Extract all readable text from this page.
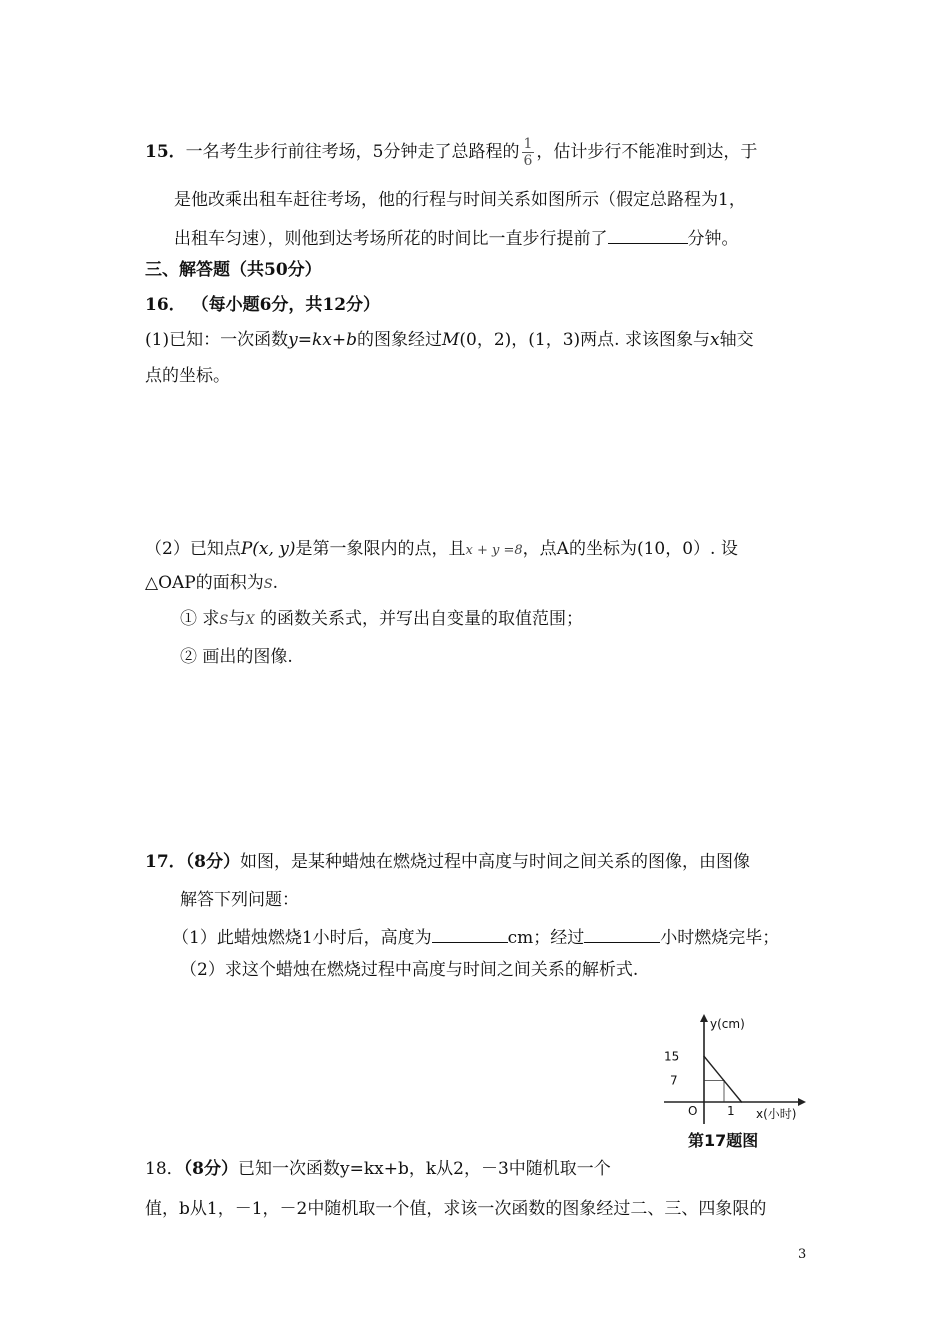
15．一名考生步行前往考场，5分钟走了总路程的 $\frac{1}{6}$ ，估计步行不能准时到达，于
是他改乘出租车赶往考场，他的行程与时间关系如图所示（假定总路程为1，
出租车匀速），则他到达考场所花的时间比一直步行提前了	分钟。
三、解答题（共50分）
16． （每小题6分，共12分）
(1)已知：一次函数y=kx+b的图象经过M(0，2)，(1，3)两点. 求该图象与x轴交
点的坐标。
（2）已知点P(x, y)是第一象限内的点，且x + y =8，点A的坐标为(10，0）. 设
△OAP的面积为S.
① 求S与X 的函数关系式，并写出自变量的取值范围；
② 画出的图像.
17．（8分）如图，是某种蜡烛在燃烧过程中高度与时间之间关系的图像，由图像
解答下列问题：
（1）此蜡烛燃烧1小时后，高度为	cm；经过	小时燃烧完毕；
（2）求这个蜡烛在燃烧过程中高度与时间之间关系的解析式.
y(cm)
x(小时)
O
15
7
1
第17题图
18．（8分）已知一次函数y=kx+b，k从2，－3中随机取一个
值，b从1，－1，－2中随机取一个值，求该一次函数的图象经过二、三、四象限的
3
